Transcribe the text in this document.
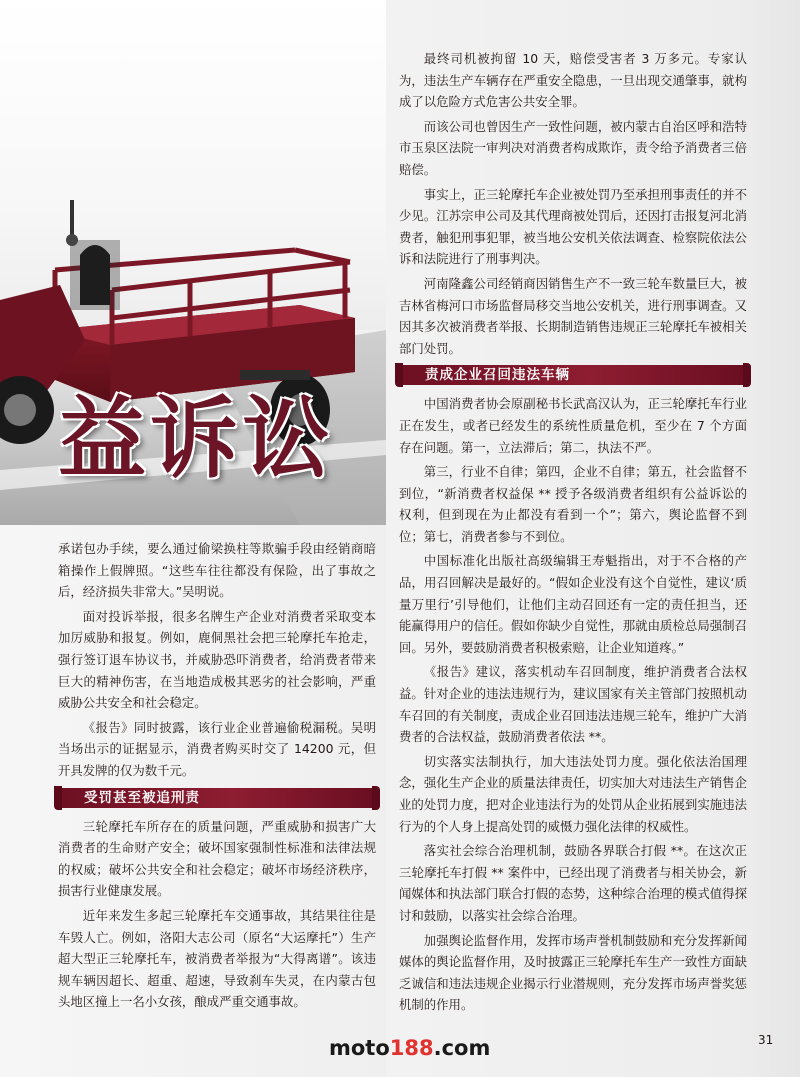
益诉讼

承诺包办手续，要么通过偷梁换柱等欺骗手段由经销商暗箱操作上假牌照。“这些车往往都没有保险，出了事故之后，经济损失非常大。”吴明说。

面对投诉举报，很多名牌生产企业对消费者采取变本加厉威胁和报复。例如，鹿侗黑社会把三轮摩托车抢走，强行签订退车协议书，并威胁恐吓消费者，给消费者带来巨大的精神伤害，在当地造成极其恶劣的社会影响，严重威胁公共安全和社会稳定。

《报告》同时披露，该行业企业普遍偷税漏税。吴明当场出示的证据显示，消费者购买时交了 14200 元，但开具发牌的仅为数千元。

受罚甚至被追刑责

三轮摩托车所存在的质量问题，严重威胁和损害广大消费者的生命财产安全；破坏国家强制性标准和法律法规的权威；破坏公共安全和社会稳定；破坏市场经济秩序，损害行业健康发展。

近年来发生多起三轮摩托车交通事故，其结果往往是车毁人亡。例如，洛阳大志公司（原名“大运摩托”）生产超大型正三轮摩托车，被消费者举报为“大得离谱”。该违规车辆因超长、超重、超速，导致刹车失灵，在内蒙古包头地区撞上一名小女孩，酿成严重交通事故。

最终司机被拘留 10 天，赔偿受害者 3 万多元。专家认为，违法生产车辆存在严重安全隐患，一旦出现交通肇事，就构成了以危险方式危害公共安全罪。

而该公司也曾因生产一致性问题，被内蒙古自治区呼和浩特市玉泉区法院一审判决对消费者构成欺诈，责令给予消费者三倍赔偿。

事实上，正三轮摩托车企业被处罚乃至承担刑事责任的并不少见。江苏宗申公司及其代理商被处罚后，还因打击报复河北消费者，触犯刑事犯罪，被当地公安机关依法调查、检察院依法公诉和法院进行了刑事判决。

河南隆鑫公司经销商因销售生产不一致三轮车数量巨大，被吉林省梅河口市场监督局移交当地公安机关，进行刑事调查。又因其多次被消费者举报、长期制造销售违规正三轮摩托车被相关部门处罚。

责成企业召回违法车辆

中国消费者协会原副秘书长武高汉认为，正三轮摩托车行业正在发生，或者已经发生的系统性质量危机，至少在 7 个方面存在问题。第一，立法滞后；第二，执法不严。

第三，行业不自律；第四，企业不自律；第五，社会监督不到位，“新消费者权益保 ** 授予各级消费者组织有公益诉讼的权利，但到现在为止都没有看到一个”；第六，舆论监督不到位；第七，消费者参与不到位。

中国标准化出版社高级编辑王寿魁指出，对于不合格的产品，用召回解决是最好的。“假如企业没有这个自觉性，建议‘质量万里行’引导他们，让他们主动召回还有一定的责任担当，还能赢得用户的信任。假如你缺少自觉性，那就由质检总局强制召回。另外，要鼓励消费者积极索赔，让企业知道疼。”

《报告》建议，落实机动车召回制度，维护消费者合法权益。针对企业的违法违规行为，建议国家有关主管部门按照机动车召回的有关制度，责成企业召回违法违规三轮车，维护广大消费者的合法权益，鼓励消费者依法 **。

切实落实法制执行，加大违法处罚力度。强化依法治国理念，强化生产企业的质量法律责任，切实加大对违法生产销售企业的处罚力度，把对企业违法行为的处罚从企业拓展到实施违法行为的个人身上提高处罚的威慑力强化法律的权威性。

落实社会综合治理机制，鼓励各界联合打假 **。在这次正三轮摩托车打假 ** 案件中，已经出现了消费者与相关协会，新闻媒体和执法部门联合打假的态势，这种综合治理的模式值得探讨和鼓励，以落实社会综合治理。

加强舆论监督作用，发挥市场声誉机制鼓励和充分发挥新闻媒体的舆论监督作用，及时披露正三轮摩托车生产一致性方面缺乏诚信和违法违规企业揭示行业潜规则，充分发挥市场声誉奖惩机制的作用。

moto188.com	31
